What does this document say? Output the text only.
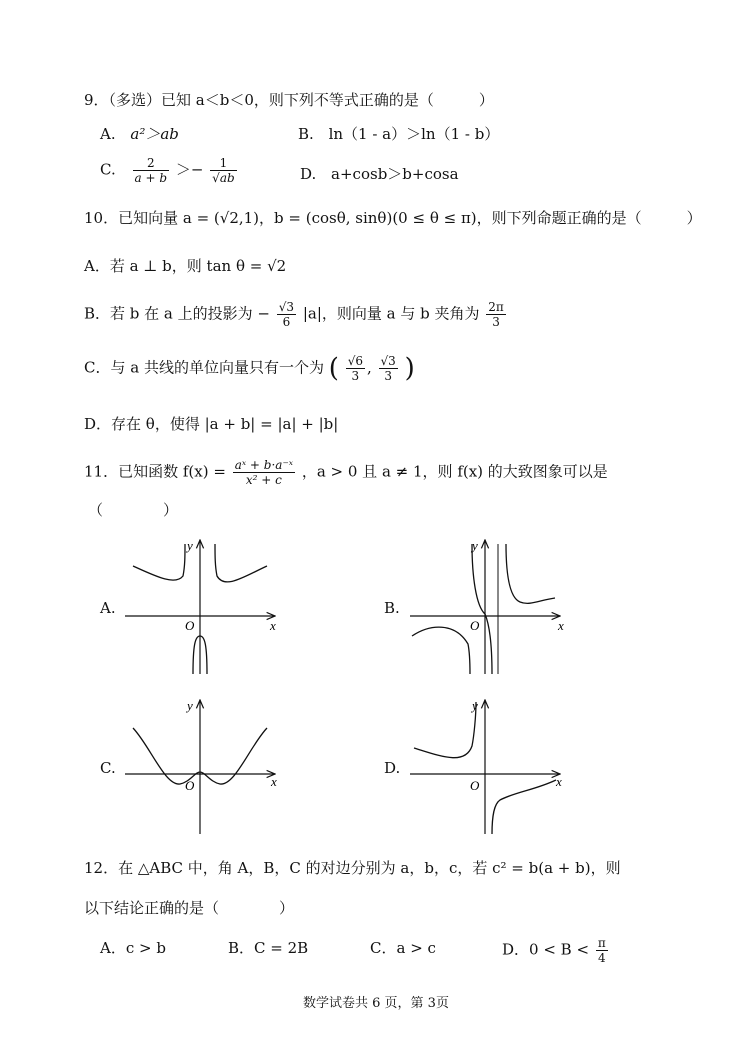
9．（多选）已知 a＜b＜0，则下列不等式正确的是（　　　）
A. a²＞ab	B. ln（1 - a）＞ln（1 - b）
C. $\frac{2}{a + b} >- \frac{1}{√ab}$	D. a+cosb＞b+cosa
10．已知向量 a = (√2,1)，b = (cosθ, sinθ)(0 ≤ θ ≤ π)，则下列命题正确的是（　　　）
A．若 a ⊥ b，则 tan θ = √2
B．若 b 在 a 上的投影为 − $\frac{√3}{6} |a|$，则向量 a 与 b 夹角为 $\frac{2\pi}{3}$
C．与 a 共线的单位向量只有一个为 ( $\frac{√6}{3}$ , $\frac{√3}{3}$ )
D．存在 θ，使得 |a + b| = |a| + |b|
11．已知函数 $f(x) = \frac{\text{aˣ + b·a⁻ˣ}}{\text{x² + c}}$ ，a > 0 且 a ≠ 1，则 f(x) 的大致图象可以是
（　　　　）
A.	B.
C.	D.
x
y
O	x
y
O
x
y
O	x
y
O
12．在 △ABC 中，角 A，B，C 的对边分别为 a，b，c，若 c² = b(a + b)，则
以下结论正确的是（　　　　）
A．c > b	B．C = 2B	C．a > c	D．$0 < B < \frac{\pi}{4}$
数学试卷共 6 页，第 3页
